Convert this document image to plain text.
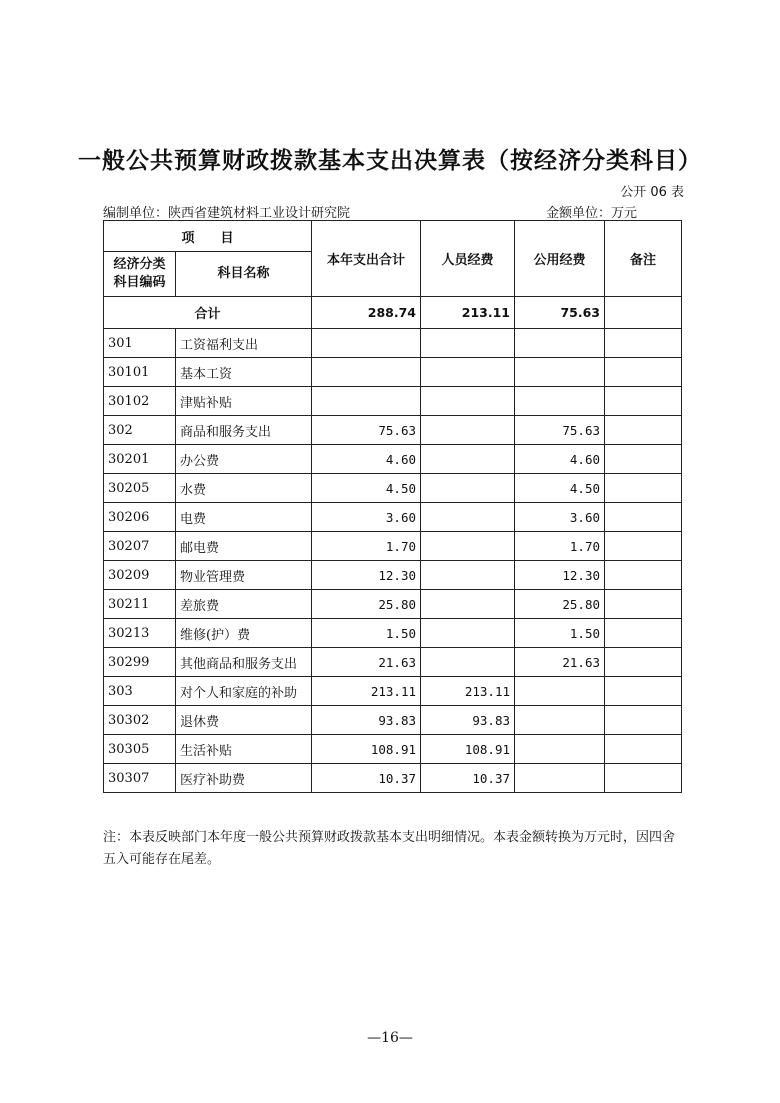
一般公共预算财政拨款基本支出决算表（按经济分类科目）
公开 06 表
编制单位：陕西省建筑材料工业设计研究院	金额单位：万元
项　　目		本年支出合计	人员经费	公用经费	备注
经济分类科目编码	科目名称				
合计		288.74	213.11	75.63	
301	工资福利支出				
30101	基本工资				
30102	津贴补贴				
302	商品和服务支出	75.63		75.63	
30201	办公费	4.60		4.60	
30205	水费	4.50		4.50	
30206	电费	3.60		3.60	
30207	邮电费	1.70		1.70	
30209	物业管理费	12.30		12.30	
30211	差旅费	25.80		25.80	
30213	维修(护）费	1.50		1.50	
30299	其他商品和服务支出	21.63		21.63	
303	对个人和家庭的补助	213.11	213.11		
30302	退休费	93.83	93.83		
30305	生活补贴	108.91	108.91		
30307	医疗补助费	10.37	10.37		
注：本表反映部门本年度一般公共预算财政拨款基本支出明细情况。本表金额转换为万元时，因四舍五入可能存在尾差。
—16—
